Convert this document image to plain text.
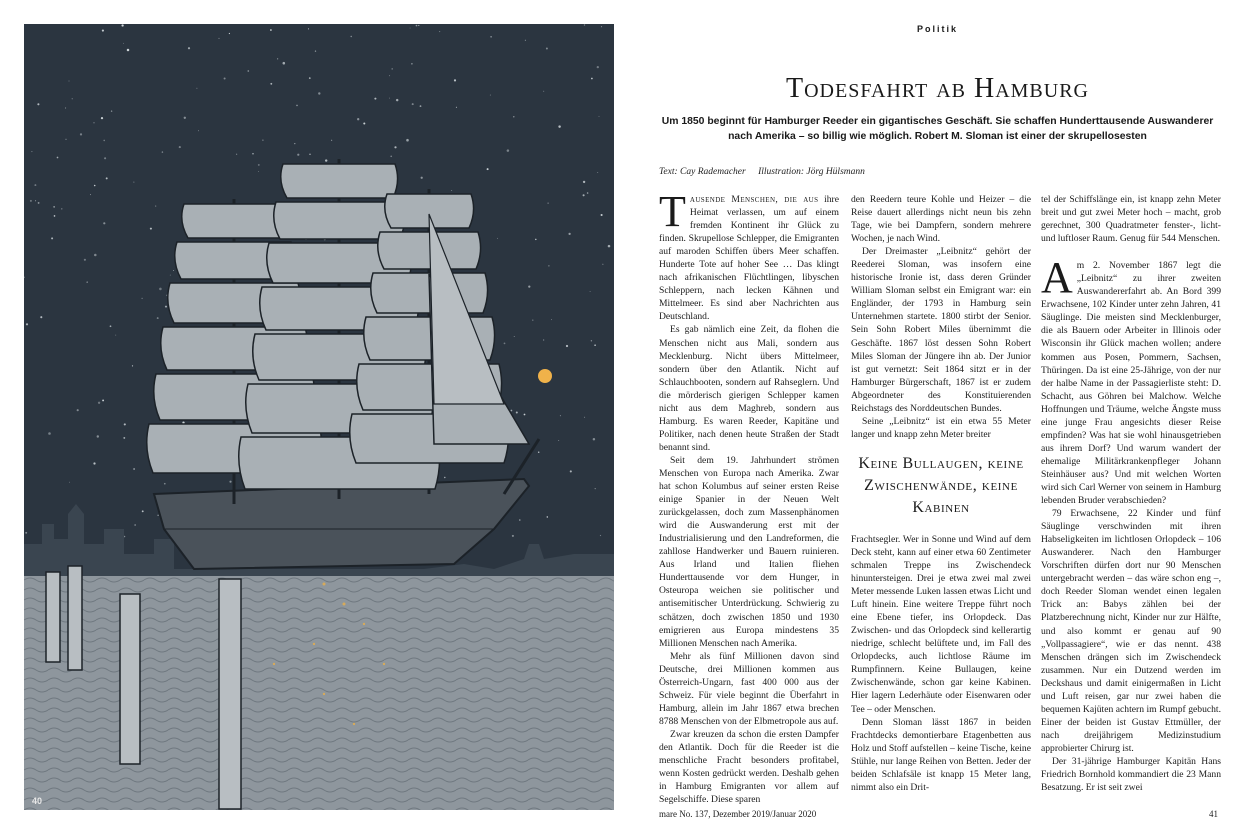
40
Politik
Todesfahrt ab Hamburg
Um 1850 beginnt für Hamburger Reeder ein gigantisches Geschäft. Sie schaffen Hunderttausende Auswanderer nach Amerika – so billig wie möglich. Robert M. Sloman ist einer der skrupellosesten
Text: Cay Rademacher Illustration: Jörg Hülsmann

Tausende Menschen, die aus ihre Heimat verlassen, um auf einem fremden Kontinent ihr Glück zu finden. Skrupellose Schlepper, die Emigranten auf maroden Schiffen übers Meer schaffen. Hunderte Tote auf hoher See … Das klingt nach afrikanischen Flüchtlingen, libyschen Schleppern, nach lecken Kähnen und Mittelmeer. Es sind aber Nachrichten aus Deutschland.

Es gab nämlich eine Zeit, da flohen die Menschen nicht aus Mali, sondern aus Mecklenburg. Nicht übers Mittelmeer, sondern über den Atlantik. Nicht auf Schlauchbooten, sondern auf Rahseglern. Und die mörderisch gierigen Schlepper kamen nicht aus dem Maghreb, sondern aus Hamburg. Es waren Reeder, Kapitäne und Politiker, nach denen heute Straßen der Stadt benannt sind.

Seit dem 19. Jahrhundert strömen Menschen von Europa nach Amerika. Zwar hat schon Kolumbus auf seiner ersten Reise einige Spanier in der Neuen Welt zurückgelassen, doch zum Massenphänomen wird die Auswanderung erst mit der Industrialisierung und den Landreformen, die zahllose Handwerker und Bauern ruinieren. Aus Irland und Italien fliehen Hunderttausende vor dem Hunger, in Osteuropa weichen sie politischer und antisemitischer Unterdrückung. Schwierig zu schätzen, doch zwischen 1850 und 1930 emigrieren aus Europa mindestens 35 Millionen Menschen nach Amerika.

Mehr als fünf Millionen davon sind Deutsche, drei Millionen kommen aus Österreich-Ungarn, fast 400 000 aus der Schweiz. Für viele beginnt die Überfahrt in Hamburg, allein im Jahr 1867 etwa brechen 8788 Menschen von der Elbmetropole aus auf.

Zwar kreuzen da schon die ersten Dampfer den Atlantik. Doch für die Reeder ist die menschliche Fracht besonders profitabel, wenn Kosten gedrückt werden. Deshalb gehen in Hamburg Emigranten vor allem auf Segelschiffe. Diese sparen

den Reedern teure Kohle und Heizer – die Reise dauert allerdings nicht neun bis zehn Tage, wie bei Dampfern, sondern mehrere Wochen, je nach Wind.

Der Dreimaster „Leibnitz“ gehört der Reederei Sloman, was insofern eine historische Ironie ist, dass deren Gründer William Sloman selbst ein Emigrant war: ein Engländer, der 1793 in Hamburg sein Unternehmen startete. 1800 stirbt der Senior. Sein Sohn Robert Miles übernimmt die Geschäfte. 1867 löst dessen Sohn Robert Miles Sloman der Jüngere ihn ab. Der Junior ist gut vernetzt: Seit 1864 sitzt er in der Hamburger Bürgerschaft, 1867 ist er zudem Abgeordneter des Konstituierenden Reichstags des Norddeutschen Bundes.

Seine „Leibnitz“ ist ein etwa 55 Meter langer und knapp zehn Meter breiter

Keine Bullaugen, keine Zwischenwände, keine Kabinen

Frachtsegler. Wer in Sonne und Wind auf dem Deck steht, kann auf einer etwa 60 Zentimeter schmalen Treppe ins Zwischendeck hinuntersteigen. Drei je etwa zwei mal zwei Meter messende Luken lassen etwas Licht und Luft hinein. Eine weitere Treppe führt noch eine Ebene tiefer, ins Orlopdeck. Das Zwischen- und das Orlopdeck sind kellerartig niedrige, schlecht belüftete und, im Fall des Orlopdecks, auch lichtlose Räume im Rumpfinnern. Keine Bullaugen, keine Zwischenwände, schon gar keine Kabinen. Hier lagern Lederhäute oder Eisenwaren oder Tee – oder Menschen.

Denn Sloman lässt 1867 in beiden Frachtdecks demontierbare Etagenbetten aus Holz und Stoff aufstellen – keine Tische, keine Stühle, nur lange Reihen von Betten. Jeder der beiden Schlafsäle ist knapp 15 Meter lang, nimmt also ein Drit-

tel der Schiffslänge ein, ist knapp zehn Meter breit und gut zwei Meter hoch – macht, grob gerechnet, 300 Quadratmeter fenster-, licht- und luftloser Raum. Genug für 544 Menschen.

Am 2. November 1867 legt die „Leibnitz“ zu ihrer zweiten Auswandererfahrt ab. An Bord 399 Erwachsene, 102 Kinder unter zehn Jahren, 41 Säuglinge. Die meisten sind Mecklenburger, die als Bauern oder Arbeiter in Illinois oder Wisconsin ihr Glück machen wollen; andere kommen aus Posen, Pommern, Sachsen, Thüringen. Da ist eine 25-Jährige, von der nur der halbe Name in der Passagierliste steht: D. Schacht, aus Göhren bei Malchow. Welche Hoffnungen und Träume, welche Ängste muss eine junge Frau angesichts dieser Reise empfinden? Was hat sie wohl hinausgetrieben aus ihrem Dorf? Und warum wandert der ehemalige Militärkrankenpfleger Johann Steinhäuser aus? Und mit welchen Worten wird sich Carl Werner von seinem in Hamburg lebenden Bruder verabschieden?

79 Erwachsene, 22 Kinder und fünf Säuglinge verschwinden mit ihren Habseligkeiten im lichtlosen Orlopdeck – 106 Auswanderer. Nach den Hamburger Vorschriften dürfen dort nur 90 Menschen untergebracht werden – das wäre schon eng –, doch Reeder Sloman wendet einen legalen Trick an: Babys zählen bei der Platzberechnung nicht, Kinder nur zur Hälfte, und also kommt er genau auf 90 „Vollpassagiere“, wie er das nennt. 438 Menschen drängen sich im Zwischendeck zusammen. Nur ein Dutzend werden im Deckshaus und damit einigermaßen in Licht und Luft reisen, gar nur zwei haben die bequemen Kajüten achtern im Rumpf gebucht. Einer der beiden ist Gustav Ettmüller, der nach dreijährigem Medizinstudium approbierter Chirurg ist.

Der 31-jährige Hamburger Kapitän Hans Friedrich Bornhold kommandiert die 23 Mann Besatzung. Er ist seit zwei

mare No. 137, Dezember 2019/Januar 2020	41
